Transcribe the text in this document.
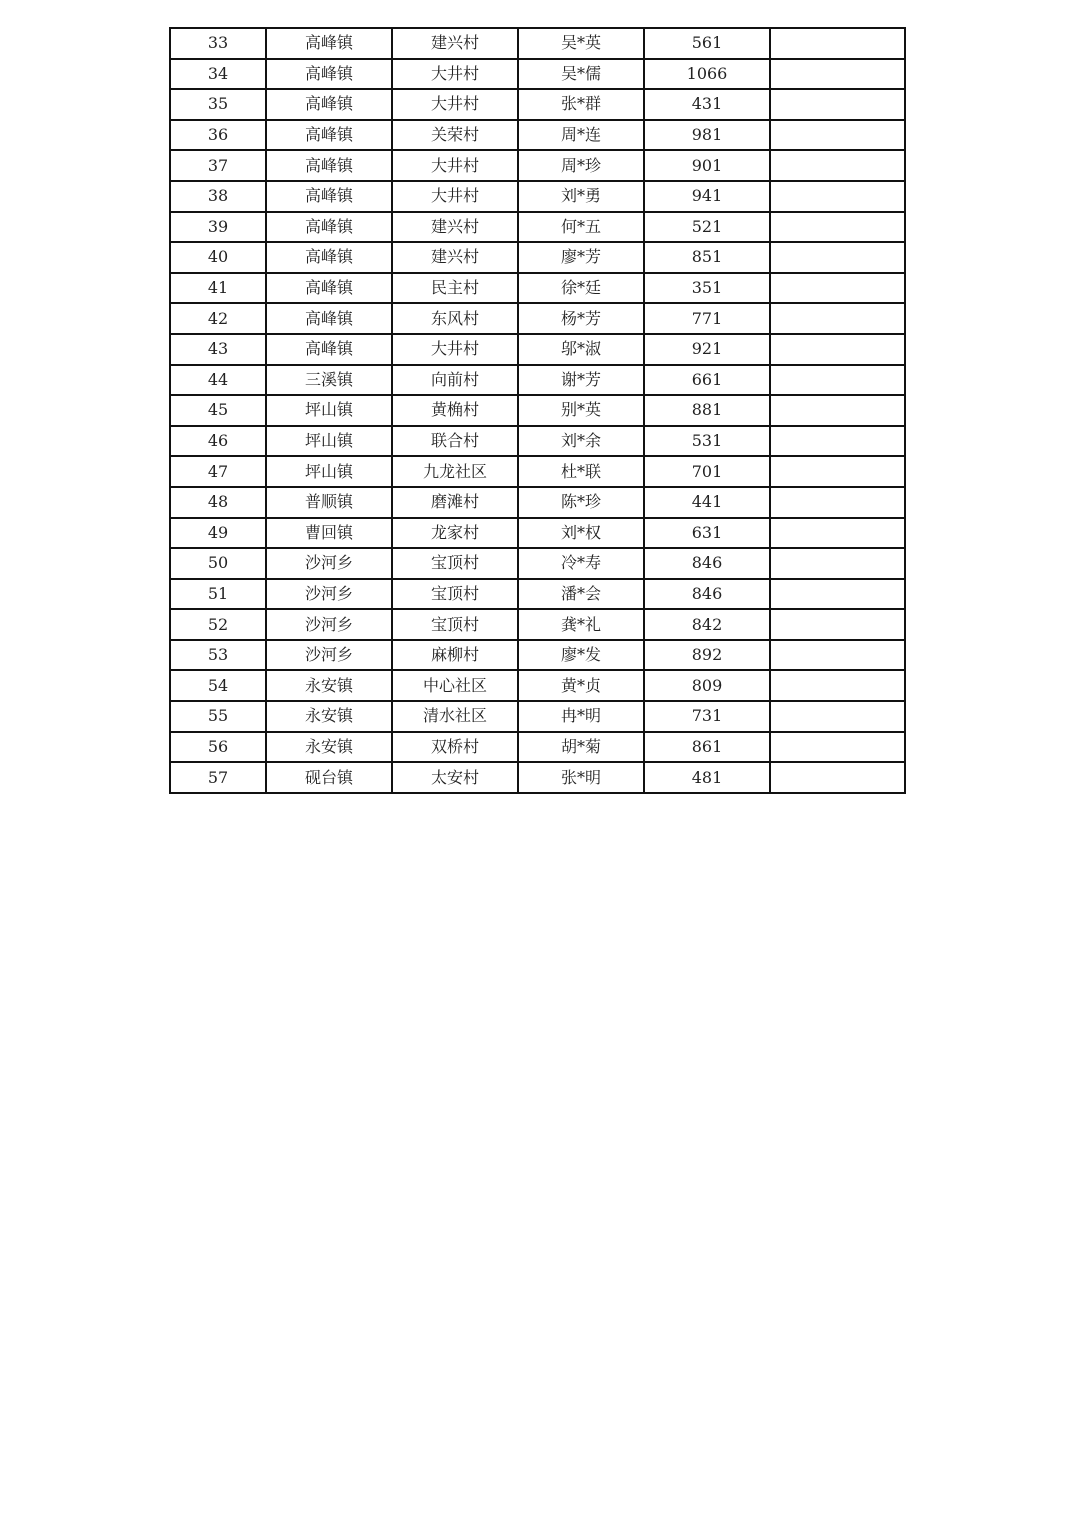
33	高峰镇	建兴村	吴*英	561	
34	高峰镇	大井村	吴*儒	1066	
35	高峰镇	大井村	张*群	431	
36	高峰镇	关荣村	周*连	981	
37	高峰镇	大井村	周*珍	901	
38	高峰镇	大井村	刘*勇	941	
39	高峰镇	建兴村	何*五	521	
40	高峰镇	建兴村	廖*芳	851	
41	高峰镇	民主村	徐*廷	351	
42	高峰镇	东风村	杨*芳	771	
43	高峰镇	大井村	邬*淑	921	
44	三溪镇	向前村	谢*芳	661	
45	坪山镇	黄桷村	别*英	881	
46	坪山镇	联合村	刘*余	531	
47	坪山镇	九龙社区	杜*联	701	
48	普顺镇	磨滩村	陈*珍	441	
49	曹回镇	龙家村	刘*权	631	
50	沙河乡	宝顶村	冷*寿	846	
51	沙河乡	宝顶村	潘*会	846	
52	沙河乡	宝顶村	龚*礼	842	
53	沙河乡	麻柳村	廖*发	892	
54	永安镇	中心社区	黄*贞	809	
55	永安镇	清水社区	冉*明	731	
56	永安镇	双桥村	胡*菊	861	
57	砚台镇	太安村	张*明	481	
